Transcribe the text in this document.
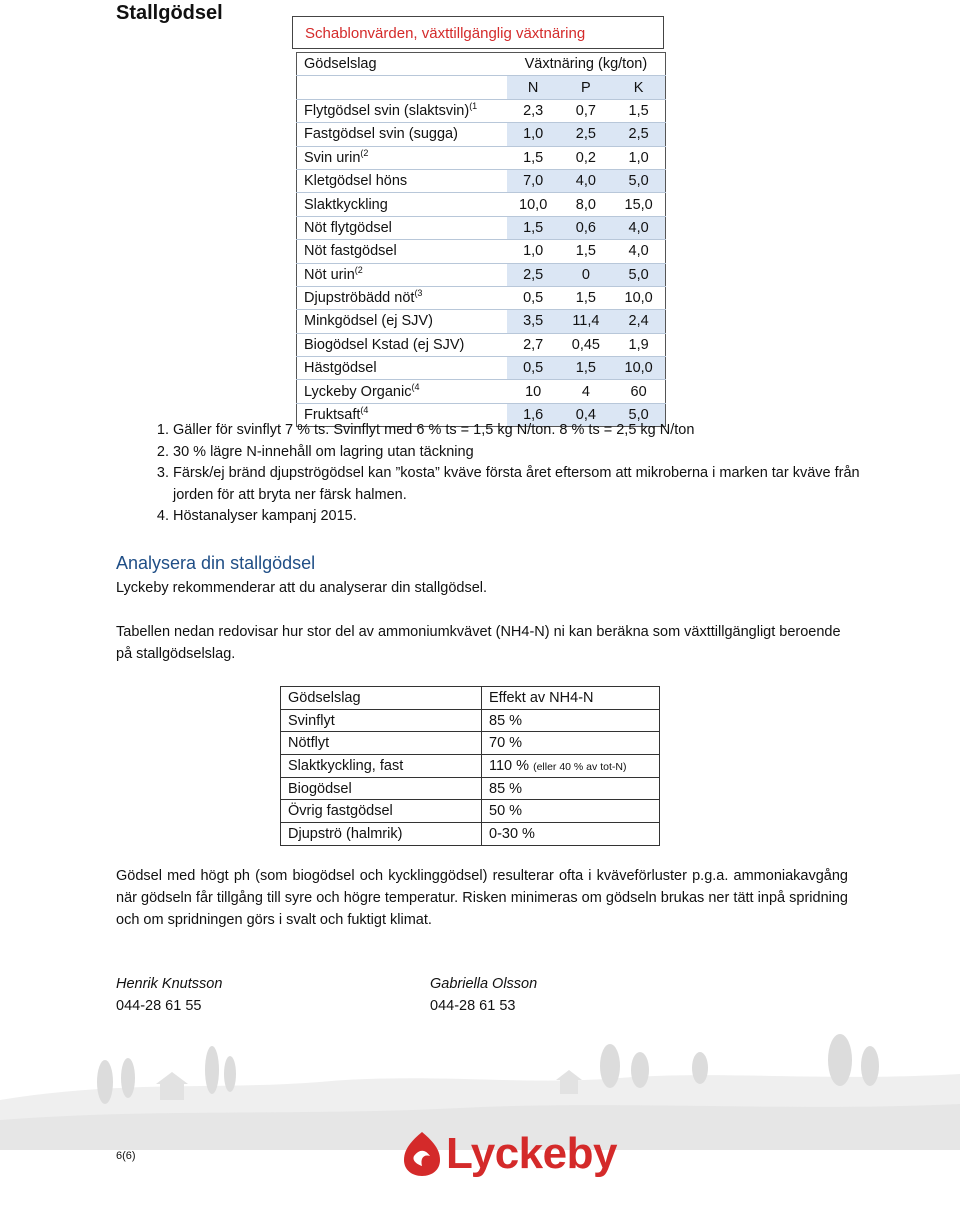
Stallgödsel
Schablonvärden, växttillgänglig växtnäring
Gödselslag	Växtnäring (kg/ton)		
	N	P	K
Flytgödsel svin (slaktsvin)$^{(1}$	2,3	0,7	1,5
Fastgödsel svin (sugga)	1,0	2,5	2,5
Svin urin$^{(2}$	1,5	0,2	1,0
Kletgödsel höns	7,0	4,0	5,0
Slaktkyckling	10,0	8,0	15,0
Nöt flytgödsel	1,5	0,6	4,0
Nöt fastgödsel	1,0	1,5	4,0
Nöt urin$^{(2}$	2,5	0	5,0
Djupströbädd nöt$^{(3}$	0,5	1,5	10,0
Minkgödsel (ej SJV)	3,5	11,4	2,4
Biogödsel Kstad (ej SJV)	2,7	0,45	1,9
Hästgödsel	0,5	1,5	10,0
Lyckeby Organic$^{(4}$	10	4	60
Fruktsaft$^{(4}$	1,6	0,4	5,0
1. Gäller för svinflyt 7 % ts. Svinflyt med 6 % ts = 1,5 kg N/ton. 8 % ts = 2,5 kg N/ton
2. 30 % lägre N-innehåll om lagring utan täckning
3. Färsk/ej bränd djupströgödsel kan ”kosta” kväve första året eftersom att mikroberna i marken tar kväve från jorden för att bryta ner färsk halmen.
4. Höstanalyser kampanj 2015.
Analysera din stallgödsel
Lyckeby rekommenderar att du analyserar din stallgödsel.
Tabellen nedan redovisar hur stor del av ammoniumkvävet (NH4-N) ni kan beräkna som växttillgängligt beroende på stallgödselslag.
Gödselslag	Effekt av NH4-N
Svinflyt	85 %
Nötflyt	70 %
Slaktkyckling, fast	110 % (eller 40 % av tot-N)
Biogödsel	85 %
Övrig fastgödsel	50 %
Djupströ (halmrik)	0-30 %
Gödsel med högt ph (som biogödsel och kycklinggödsel) resulterar ofta i kväveförluster p.g.a. ammoniakavgång när gödseln får tillgång till syre och högre temperatur. Risken minimeras om gödseln brukas ner tätt inpå spridning och om spridningen görs i svalt och fuktigt klimat.
Henrik Knutsson
044-28 61 55
Gabriella Olsson
044-28 61 53
6(6)	Lyckeby
